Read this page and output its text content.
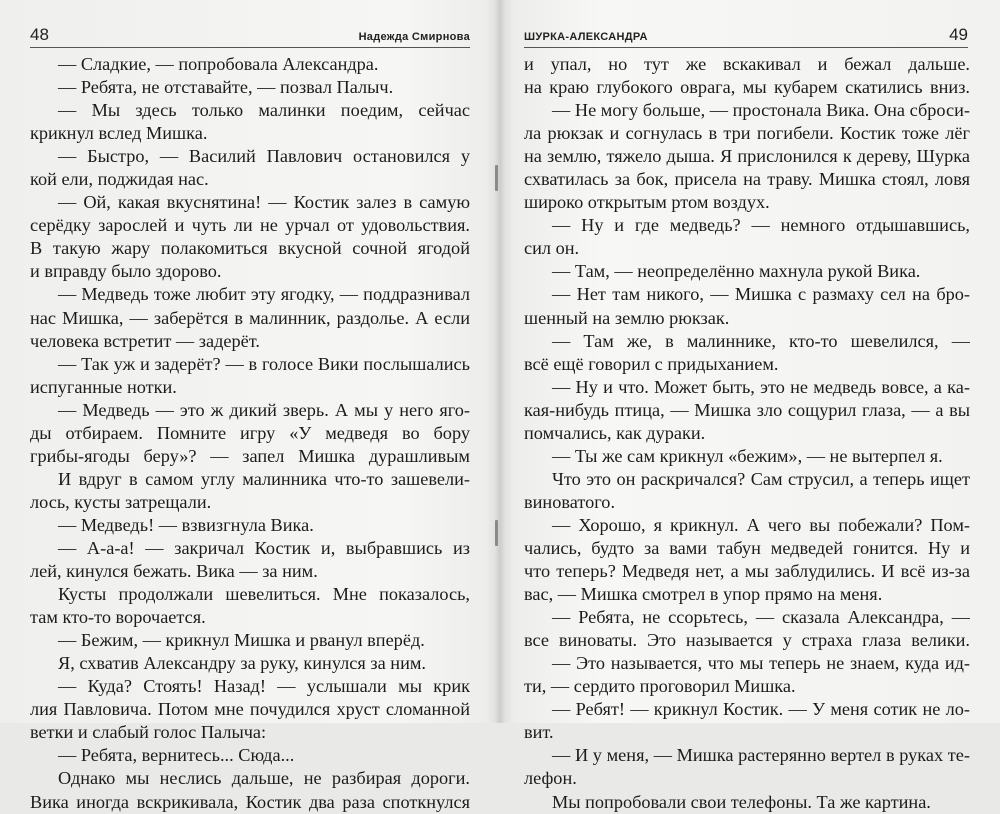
48	Надежда Смирнова
— Сладкие, — попробовала Александра.
— Ребята, не отставайте, — позвал Палыч.
— Мы здесь только малинки поедим, сейчас
крикнул вслед Мишка.
— Быстро, — Василий Павлович остановился у
кой ели, поджидая нас.
— Ой, какая вкуснятина! — Костик залез в самую
серёдку зарослей и чуть ли не урчал от удовольствия.
В такую жару полакомиться вкусной сочной ягодой
и вправду было здорово.
— Медведь тоже любит эту ягодку, — поддразнивал
нас Мишка, — заберётся в малинник, раздолье. А если
человека встретит — задерёт.
— Так уж и задерёт? — в голосе Вики послышались
испуганные нотки.
— Медведь — это ж дикий зверь. А мы у него яго-
ды отбираем. Помните игру «У медведя во бору
грибы-ягоды беру»? — запел Мишка дурашливым
И вдруг в самом углу малинника что-то зашевели-
лось, кусты затрещали.
— Медведь! — взвизгнула Вика.
— А-а-а! — закричал Костик и, выбравшись из
лей, кинулся бежать. Вика — за ним.
Кусты продолжали шевелиться. Мне показалось,
там кто-то ворочается.
— Бежим, — крикнул Мишка и рванул вперёд.
Я, схватив Александру за руку, кинулся за ним.
— Куда? Стоять! Назад! — услышали мы крик
лия Павловича. Потом мне почудился хруст сломанной
ветки и слабый голос Палыча:
— Ребята, вернитесь... Сюда...
Однако мы неслись дальше, не разбирая дороги.
Вика иногда вскрикивала, Костик два раза споткнулся
ШУРКА-АЛЕКСАНДРА	49
и упал, но тут же вскакивал и бежал дальше.
на краю глубокого оврага, мы кубарем скатились вниз.
— Не могу больше, — простонала Вика. Она сброси-
ла рюкзак и согнулась в три погибели. Костик тоже лёг
на землю, тяжело дыша. Я прислонился к дереву, Шурка
схватилась за бок, присела на траву. Мишка стоял, ловя
широко открытым ртом воздух.
— Ну и где медведь? — немного отдышавшись,
сил он.
— Там, — неопределённо махнула рукой Вика.
— Нет там никого, — Мишка с размаху сел на бро-
шенный на землю рюкзак.
— Там же, в малиннике, кто-то шевелился, —
всё ещё говорил с придыханием.
— Ну и что. Может быть, это не медведь вовсе, а ка-
кая-нибудь птица, — Мишка зло сощурил глаза, — а вы
помчались, как дураки.
— Ты же сам крикнул «бежим», — не вытерпел я.
Что это он раскричался? Сам струсил, а теперь ищет
виноватого.
— Хорошо, я крикнул. А чего вы побежали? Пом-
чались, будто за вами табун медведей гонится. Ну и
что теперь? Медведя нет, а мы заблудились. И всё из-за
вас, — Мишка смотрел в упор прямо на меня.
— Ребята, не ссорьтесь, — сказала Александра, —
все виноваты. Это называется у страха глаза велики.
— Это называется, что мы теперь не знаем, куда ид-
ти, — сердито проговорил Мишка.
— Ребят! — крикнул Костик. — У меня сотик не ло-
вит.
— И у меня, — Мишка растерянно вертел в руках те-
лефон.
Мы попробовали свои телефоны. Та же картина.
